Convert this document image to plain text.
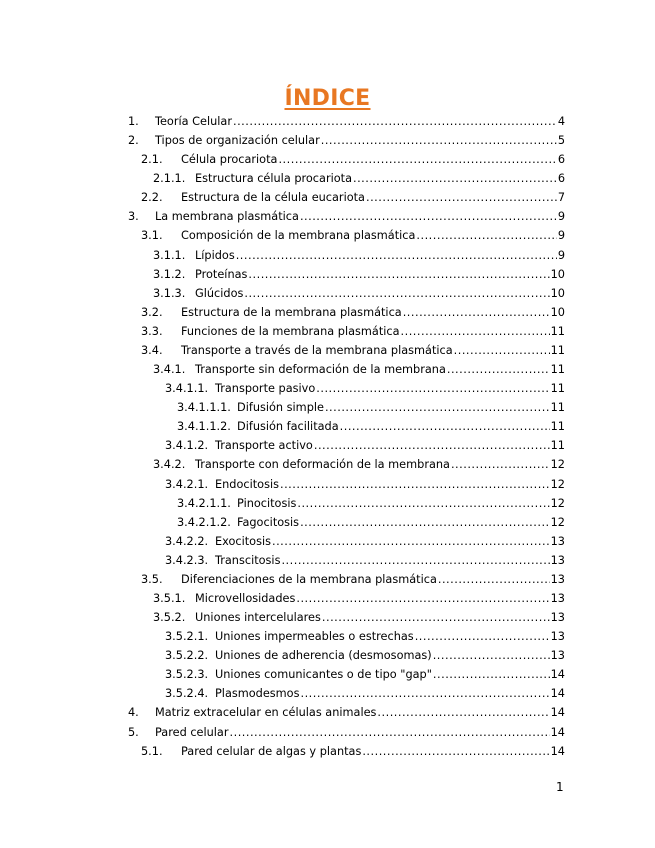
ÍNDICE
1.	Teoría Celular .....	4
2.	Tipos de organización celular .....	5
2.1.	Célula procariota .....	6
2.1.1. Estructura célula procariota .....	6
2.2.	Estructura de la célula eucariota .....	7
3.	La membrana plasmática .....	9
3.1.	Composición de la membrana plasmática .....	9
3.1.1. Lípidos .....	9
3.1.2. Proteínas .....	10
3.1.3. Glúcidos .....	10
3.2.	Estructura de la membrana plasmática .....	10
3.3.	Funciones de la membrana plasmática .....	11
3.4.	Transporte a través de la membrana plasmática .....	11
3.4.1. Transporte sin deformación de la membrana .....	11
3.4.1.1. Transporte pasivo .....	11
3.4.1.1.1. Difusión simple .....	11
3.4.1.1.2. Difusión facilitada .....	11
3.4.1.2. Transporte activo .....	11
3.4.2. Transporte con deformación de la membrana .....	12
3.4.2.1. Endocitosis .....	12
3.4.2.1.1. Pinocitosis .....	12
3.4.2.1.2. Fagocitosis .....	12
3.4.2.2. Exocitosis .....	13
3.4.2.3. Transcitosis .....	13
3.5.	Diferenciaciones de la membrana plasmática .....	13
3.5.1. Microvellosidades .....	13
3.5.2. Uniones intercelulares .....	13
3.5.2.1. Uniones impermeables o estrechas .....	13
3.5.2.2. Uniones de adherencia (desmosomas) .....	13
3.5.2.3. Uniones comunicantes o de tipo "gap" .....	14
3.5.2.4. Plasmodesmos .....	14
4.	Matriz extracelular en células animales .....	14
5.	Pared celular .....	14
5.1.	Pared celular de algas y plantas .....	14
1
